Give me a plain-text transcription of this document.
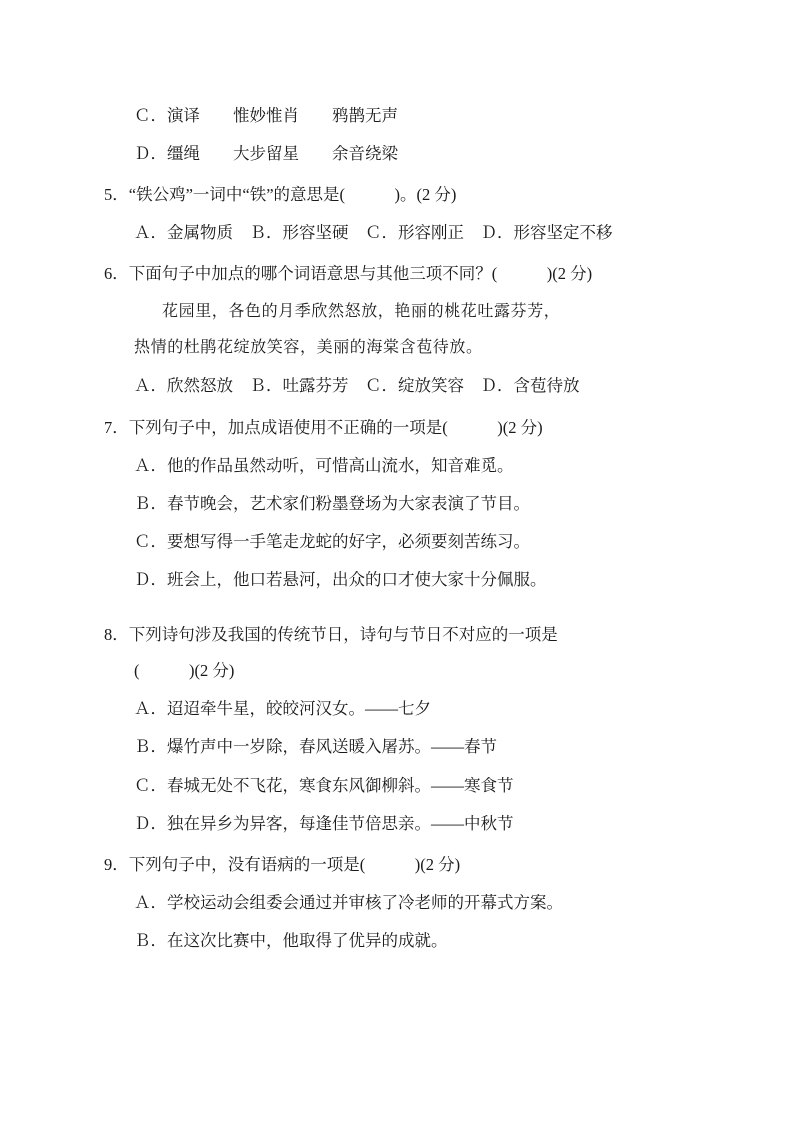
Ｃ．演译　　惟妙惟肖　　鸦鹊无声
Ｄ．缰绳　　大步留星　　余音绕梁
5．“铁公鸡”一词中“铁”的意思是(　　　)。(2 分)
Ａ．金属物质　Ｂ．形容坚硬　Ｃ．形容刚正　Ｄ．形容坚定不移
6．下面句子中加点的哪个词语意思与其他三项不同？(　　　)(2 分)
花园里，各色的月季欣然怒放，艳丽的桃花吐露芬芳，
热情的杜鹃花绽放笑容，美丽的海棠含苞待放。
Ａ．欣然怒放　Ｂ．吐露芬芳　Ｃ．绽放笑容　Ｄ．含苞待放
7．下列句子中，加点成语使用不正确的一项是(　　　)(2 分)
Ａ．他的作品虽然动听，可惜高山流水，知音难觅。
Ｂ．春节晚会，艺术家们粉墨登场为大家表演了节目。
Ｃ．要想写得一手笔走龙蛇的好字，必须要刻苦练习。
Ｄ．班会上，他口若悬河，出众的口才使大家十分佩服。
8．下列诗句涉及我国的传统节日，诗句与节日不对应的一项是
(　　　)(2 分)
Ａ．迢迢牵牛星，皎皎河汉女。——七夕
Ｂ．爆竹声中一岁除，春风送暖入屠苏。——春节
Ｃ．春城无处不飞花，寒食东风御柳斜。——寒食节
Ｄ．独在异乡为异客，每逢佳节倍思亲。——中秋节
9．下列句子中，没有语病的一项是(　　　)(2 分)
Ａ．学校运动会组委会通过并审核了冷老师的开幕式方案。
Ｂ．在这次比赛中，他取得了优异的成就。
